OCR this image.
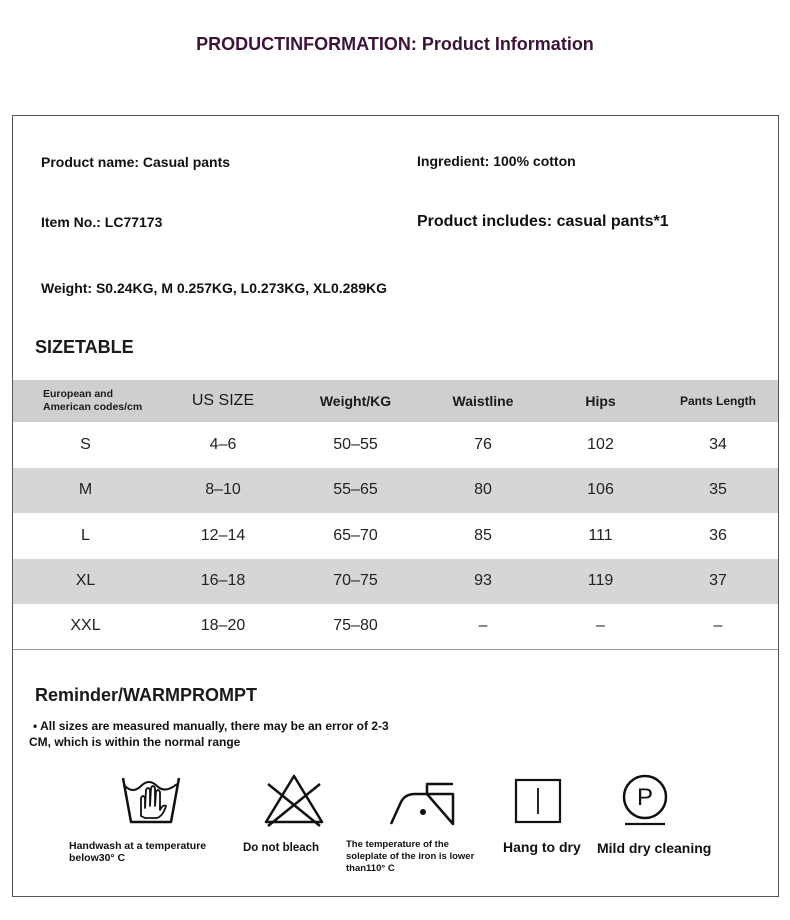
PRODUCTINFORMATION: Product Information
Product name: Casual pants	Ingredient: 100% cotton
Item No.: LC77173	Product includes: casual pants*1
Weight: S0.24KG, M 0.257KG, L0.273KG, XL0.289KG
SIZETABLE
European and
American codes/cm	US SIZE	Weight/KG	Waistline	Hips	Pants Length
S	4–6	50–55	76	102	34
M	8–10	55–65	80	106	35
L	12–14	65–70	85	111	36
XL	16–18	70–75	93	119	37
XXL	18–20	75–80	–	–	–
Reminder/WARMPROMPT
• All sizes are measured manually, there may be an error of 2-3
CM, which is within the normal range
Handwash at a temperature
below30° C
Do not bleach	The temperature of the
soleplate of the iron is lower
than110° C
Hang to dry
P
Mild dry cleaning
